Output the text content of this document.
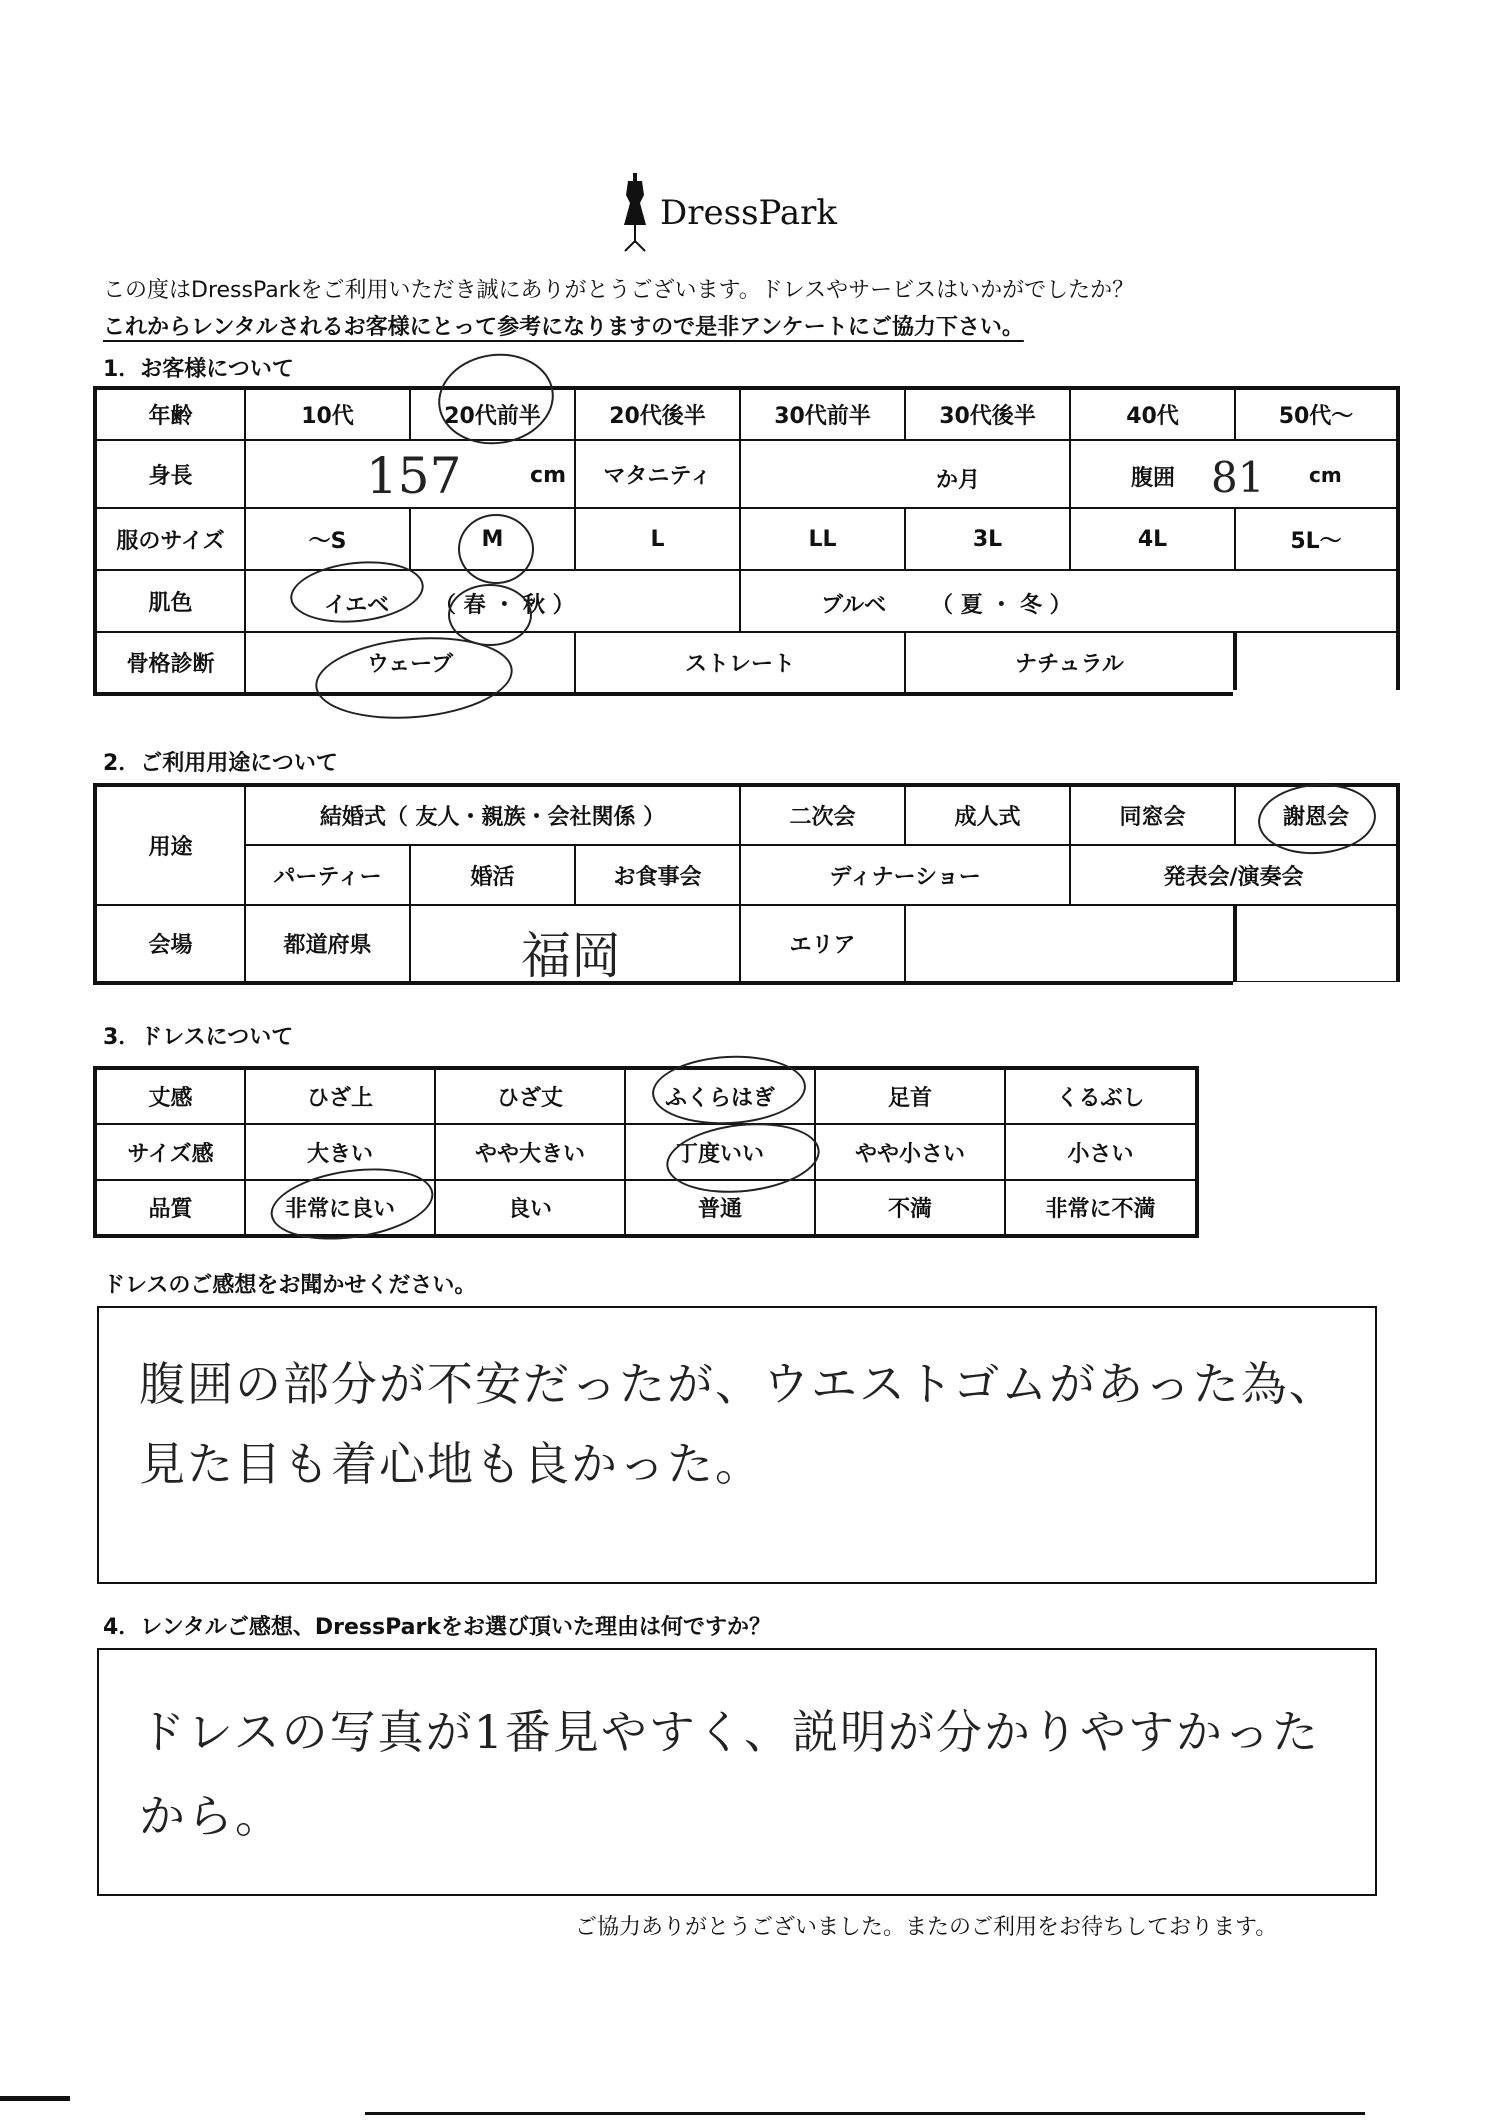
DressPark
この度はDressParkをご利用いただき誠にありがとうございます。ドレスやサービスはいかがでしたか？
これからレンタルされるお客様にとって参考になりますので是非アンケートにご協力下さい。
1．お客様について
年齢	10代	20代前半	20代後半	30代前半	30代後半	40代	50代～
身長	157 cm		マタニティ	か月		腹囲 81 cm	

服のサイズ	～S	M	L	LL	3L	4L	5L～
肌色	イエベ （ 春 ・ 秋 ）			ブルベ （ 夏 ・ 冬 ）			

骨格診断	ウェーブ		ストレート		ナチュラル		
2．ご利用用途について
用途	結婚式（ 友人・親族・会社関係 ）			二次会	成人式	同窓会	謝恩会
	パーティー	婚活	お食事会	ディナーショー		発表会/演奏会	
会場	都道府県	福岡		エリア			
3．ドレスについて
丈感	ひざ上	ひざ丈	ふくらはぎ	足首	くるぶし
サイズ感	大きい	やや大きい	丁度いい	やや小さい	小さい
品質	非常に良い	良い	普通	不満	非常に不満
ドレスのご感想をお聞かせください。
腹囲の部分が不安だったが、ウエストゴムがあった為、
見た目も着心地も良かった。
4．レンタルご感想、DressParkをお選び頂いた理由は何ですか？
ドレスの写真が1番見やすく、説明が分かりやすかった
から。
ご協力ありがとうございました。またのご利用をお待ちしております。
